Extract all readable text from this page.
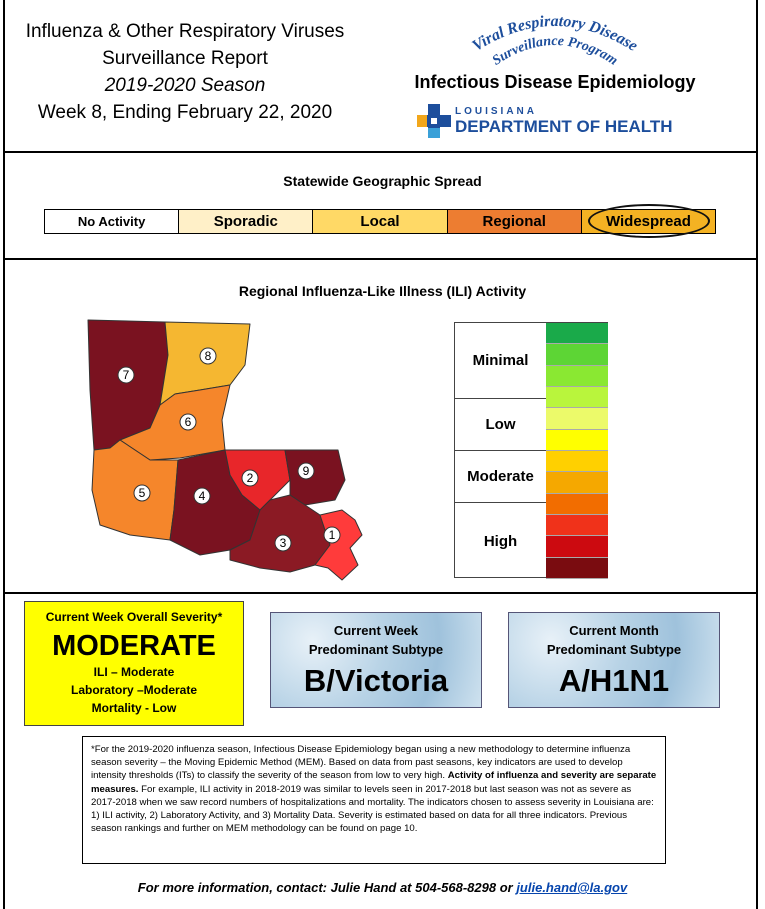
Influenza & Other Respiratory Viruses
Surveillance Report
2019-2020 Season
Week 8, Ending February 22, 2020
Viral Respiratory Disease
Surveillance Program
Infectious Disease Epidemiology
LOUISIANA
DEPARTMENT OF HEALTH
Statewide Geographic Spread
No Activity	Sporadic	Local	Regional	Widespread
Regional Influenza-Like Illness (ILI) Activity
7
8
6
5	4
2	9
3
1
Minimal
Low
Moderate
High
Current Week Overall Severity*
MODERATE
ILI – Moderate
Laboratory –Moderate
Mortality - Low
Current Week
Predominant Subtype
B/Victoria
Current Month
Predominant Subtype
A/H1N1
*For the 2019-2020 influenza season, Infectious Disease Epidemiology began using a new methodology to determine influenza season severity – the Moving Epidemic Method (MEM). Based on data from past seasons, key indicators are used to develop intensity thresholds (ITs) to classify the severity of the season from low to very high. Activity of influenza and severity are separate measures. For example, ILI activity in 2018-2019 was similar to levels seen in 2017-2018 but last season was not as severe as 2017-2018 when we saw record numbers of hospitalizations and mortality. The indicators chosen to assess severity in Louisiana are: 1) ILI activity, 2) Laboratory Activity, and 3) Mortality Data. Severity is estimated based on data for all three indicators. Previous season rankings and further on MEM methodology can be found on page 10.
For more information, contact: Julie Hand at 504-568-8298 or julie.hand@la.gov
